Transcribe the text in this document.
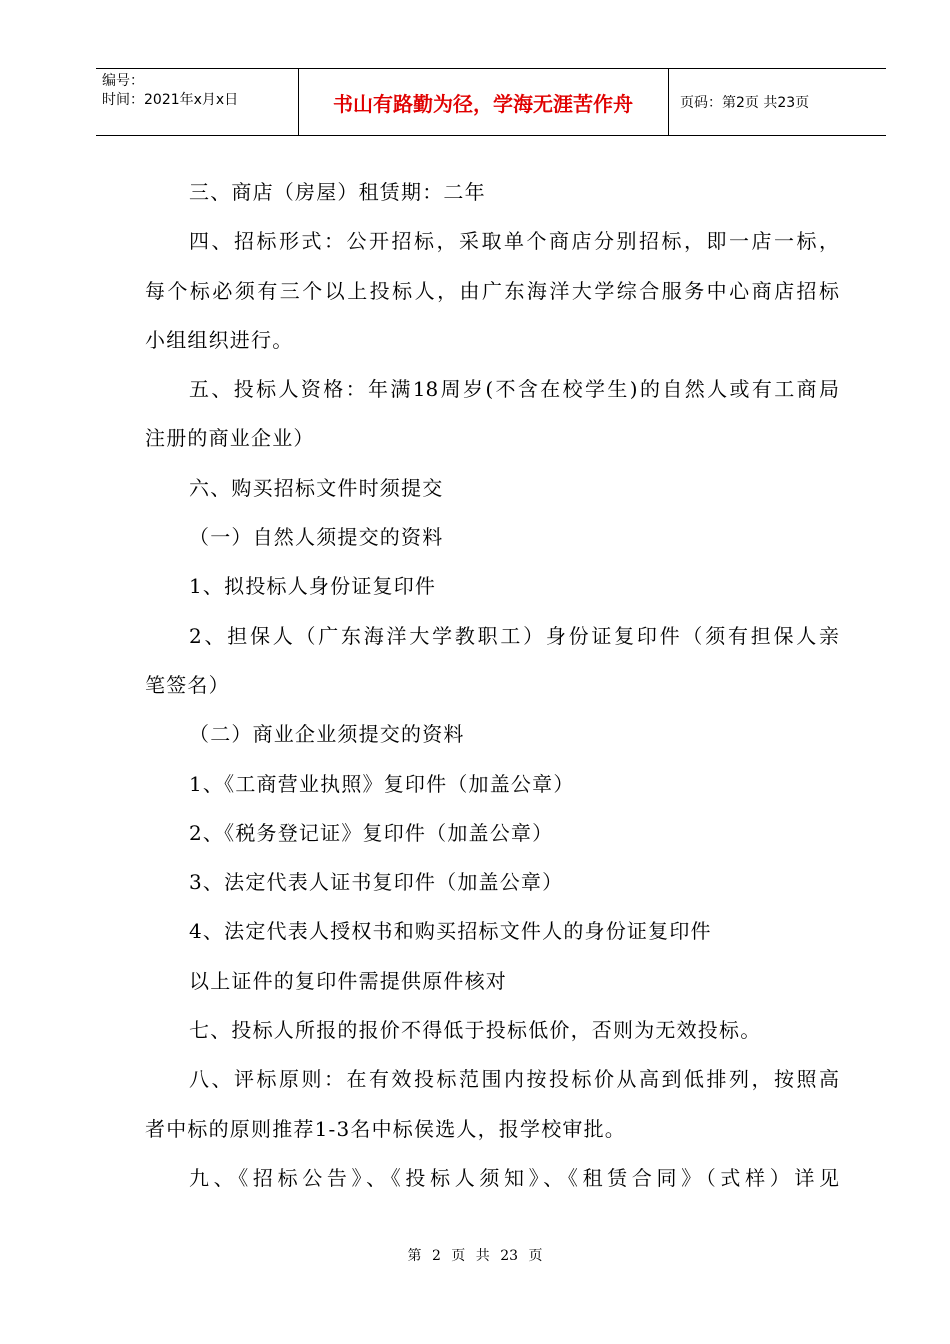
编号：
时间：2021年x月x日	书山有路勤为径，学海无涯苦作舟	页码：第2页 共23页
三、商店（房屋）租赁期：二年
四、招标形式：公开招标，采取单个商店分别招标，即一店一标，
每个标必须有三个以上投标人，由广东海洋大学综合服务中心商店招标
小组组织进行。
五、投标人资格：年满18周岁(不含在校学生)的自然人或有工商局
注册的商业企业）
六、购买招标文件时须提交
（一）自然人须提交的资料
1、拟投标人身份证复印件
2、担保人（广东海洋大学教职工）身份证复印件（须有担保人亲
笔签名）
（二）商业企业须提交的资料
1、《工商营业执照》复印件（加盖公章）
2、《税务登记证》复印件（加盖公章）
3、法定代表人证书复印件（加盖公章）
4、法定代表人授权书和购买招标文件人的身份证复印件
以上证件的复印件需提供原件核对
七、投标人所报的报价不得低于投标低价，否则为无效投标。
八、评标原则：在有效投标范围内按投标价从高到低排列，按照高
者中标的原则推荐1-3名中标侯选人，报学校审批。
九、《招标公告》、《投标人须知》、《租赁合同》（式样）详见
第 2 页 共 23 页
